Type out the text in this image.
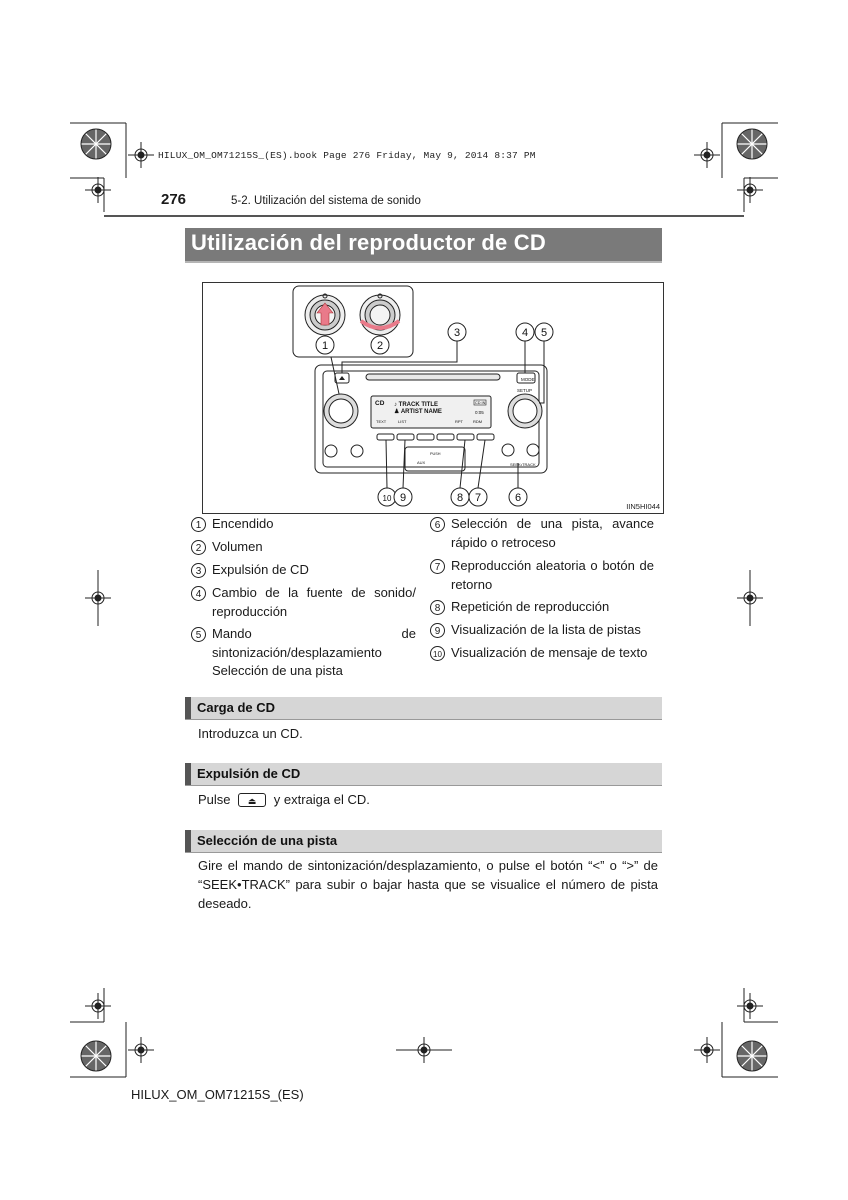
HILUX_OM_OM71215S_(ES).book Page 276 Friday, May 9, 2014 8:37 PM
276	5-2. Utilización del sistema de sonido
Utilización del reproductor de CD
MODE
SETUP
SEEK•TRACK
PUSH
AUX
TEXT	LIST	RPT	RDM
CD ♪ TRACK TITLE
♟ ARTIST NAME
CD IN
0:05
1	2
3	4 5
6
7
8
9
10
IIN5HI044
1 Encendido
2 Volumen
3 Expulsión de CD
4 Cambio de la fuente de sonido/ reproducción
5 Mando de sintonización/desplazamiento
Selección de una pista
6 Selección de una pista, avance rápido o retroceso
7 Reproducción aleatoria o botón de retorno
8 Repetición de reproducción
9 Visualización de la lista de pistas
10 Visualización de mensaje de texto
Carga de CD
Introduzca un CD.
Expulsión de CD
Pulse ⏏	y extraiga el CD.
Selección de una pista
Gire el mando de sintonización/desplazamiento, o pulse el botón “<” o “>” de “SEEK•TRACK” para subir o bajar hasta que se visualice el número de pista deseado.
HILUX_OM_OM71215S_(ES)
